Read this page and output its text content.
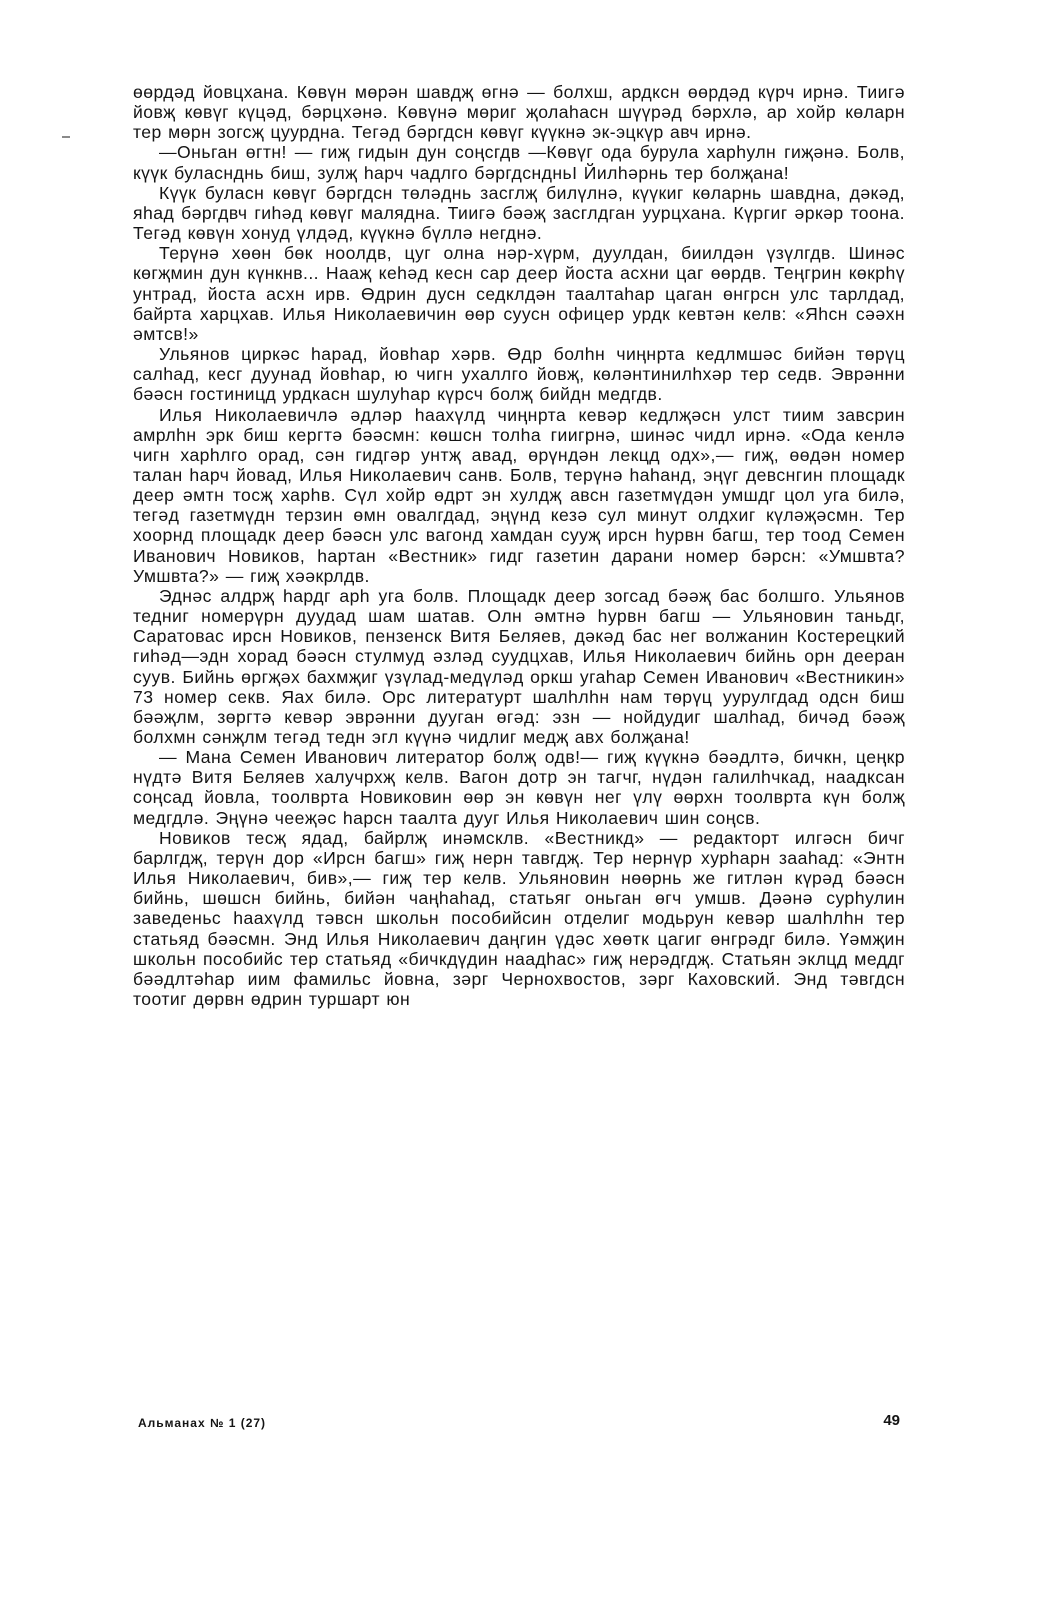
өөрдәд йовцхана. Көвүн мөрән шавдҗ өгнә — болхш, ардксн өөрдәд күрч ирнә. Тиигә йовҗ көвүг күцәд, бәрцхәнә. Көвүнә мөриг җолаһасн шүүрәд бәрхлә, ар хойр көларн тер мөрн зогсҗ цуурдна. Тегәд бәргдсн көвүг күүкнә эк-эцкүр авч ирнә.

—Оньган өгтн! — гиҗ гидын дун соңсгдв —Көвүг ода бурула харһулн гиҗәнә. Болв, күүк буласнднь биш, зулҗ һарч чадлго бәргдсндньӀ Йилһәрнь тер болҗана!

Күүк буласн көвүг бәргдсн төләднь засглҗ билүлнә, күүкиг көларнь шавдна, дәкәд, яһад бәргдвч гиһәд көвүг малядна. Тиигә бәәҗ засглдган уурцхана. Күргиг әркәр тоона. Тегәд көвүн хонуд үлдәд, күүкнә бүллә негднә.

Терүнә хөөн бөк ноолдв, цуг олна нәр-хүрм, дуулдан, биилдән үзүлгдв. Шинәс көгҗмин дун күнкнв... Нааҗ кеһәд кесн сар деер йоста асхни цаг өөрдв. Теңгрин көкрһү унтрад, йоста асхн ирв. Өдрин дусн седклдән таалтаһар цаган өнгрсн улс тарлдад, байрта харцхав. Илья Николаевичин өөр суусн офицер урдк кевтән келв: «Яһсн сәәхн әмтсв!»

Ульянов циркәс һарад, йовһар хәрв. Өдр болһн чиңнрта кедлмшәс бийән төрүц салһад, кесг дуунад йовһар, ю чигн ухаллго йовҗ, көләнтинилһхәр тер седв. Эврәнни бәәсн гостиницд урдкасн шулуһар күрсч болҗ бийдн медгдв.

Илья Николаевичлә әдләр һаахүлд чиңнрта кевәр кедлҗәсн улст тиим завсрин амрлһн эрк биш кергтә бәәсмн: көшсн толһа гиигрнә, шинәс чидл ирнә. «Ода кенлә чигн харһлго орад, сән гидгәр унтҗ авад, өрүндән лекцд одх»,— гиҗ, өөдән номер талан һарч йовад, Илья Николаевич санв. Болв, терүнә һаһанд, эңүг девснгин площадк деер әмтн тосҗ харһв. Сүл хойр өдрт эн хулдҗ авсн газетмүдән умшдг цол уга билә, тегәд газетмүдн терзин өмн овалгдад, эңүнд кезә сул минут олдхиг күләҗәсмн. Тер хоорнд площадк деер бәәсн улс вагонд хамдан сууҗ ирсн һурвн багш, тер тоод Семен Иванович Новиков, һартан «Вестник» гидг газетин дарани номер бәрсн: «Умшвта? Умшвта?» — гиҗ хәәкрлдв.

Эднәс алдрҗ һардг арһ уга болв. Площадк деер зогсад бәәҗ бас болшго. Ульянов тедниг номерүрн дуудад шам шатав. Олн әмтнә һурвн багш — Ульяновин таньдг, Саратовас ирсн Новиков, пензенск Витя Беляев, дәкәд бас нег волжанин Костерецкий гиһәд—эдн хорад бәәсн стулмуд әзләд суудцхав, Илья Николаевич бийнь орн дееран суув. Бийнь өргҗәх бахмҗиг үзүлад-медүләд оркш угаһар Семен Иванович «Вестникин» 73 номер секв. Яах билә. Орс литературт шалһлһн нам төрүц уурулгдад одсн биш бәәҗлм, зөргтә кевәр эврәнни дууган өгәд: эзн — нойдудиг шалһад, бичәд бәәҗ болхмн сәнҗлм тегәд тедн эгл күүнә чидлиг медҗ авх болҗана!

— Мана Семен Иванович литератор болҗ одв!— гиҗ күүкнә бәәдлтә, бичкн, цеңкр нүдтә Витя Беляев халучрхҗ келв. Вагон дотр эн тагчг, нүдән галилһчкад, наадксан соңсад йовла, тоолврта Новиковин өөр эн көвүн нег үлү өөрхн тоолврта күн болҗ медгдлә. Эңүнә чееҗәс һарсн таалта дууг Илья Николаевич шин соңсв.

Новиков тесҗ ядад, байрлҗ инәмсклв. «Вестникд» — редакторт илгәсн бичг барлгдҗ, терүн дор «Ирсн багш» гиҗ нерн тавгдҗ. Тер нернүр хурһарн зааһад: «Энтн Илья Николаевич, бив»,— гиҗ тер келв. Ульяновин нөөрнь же гитлән күрәд бәәсн бийнь, шөшсн бийнь, бийән чаңһаһад, статьяг оньган өгч умшв. Дәәнә сурһулин заведеньс һаахүлд тәвсн школьн пособийсин отделиг модьрун кевәр шалһлһн тер статьяд бәәсмн. Энд Илья Николаевич даңгин үдәс хөөтк цагиг өнгрәдг билә. Үәмҗин школьн пособийс тер статьяд «бичкдүдин наадһас» гиҗ нерәдгдҗ. Статьян эклцд меддг бәәдлтәһар иим фамильс йовна, зәрг Чернохвостов, зәрг Каховский. Энд тәвгдсн тоотиг дөрвн өдрин туршарт юн

Альманах № 1 (27)	49
